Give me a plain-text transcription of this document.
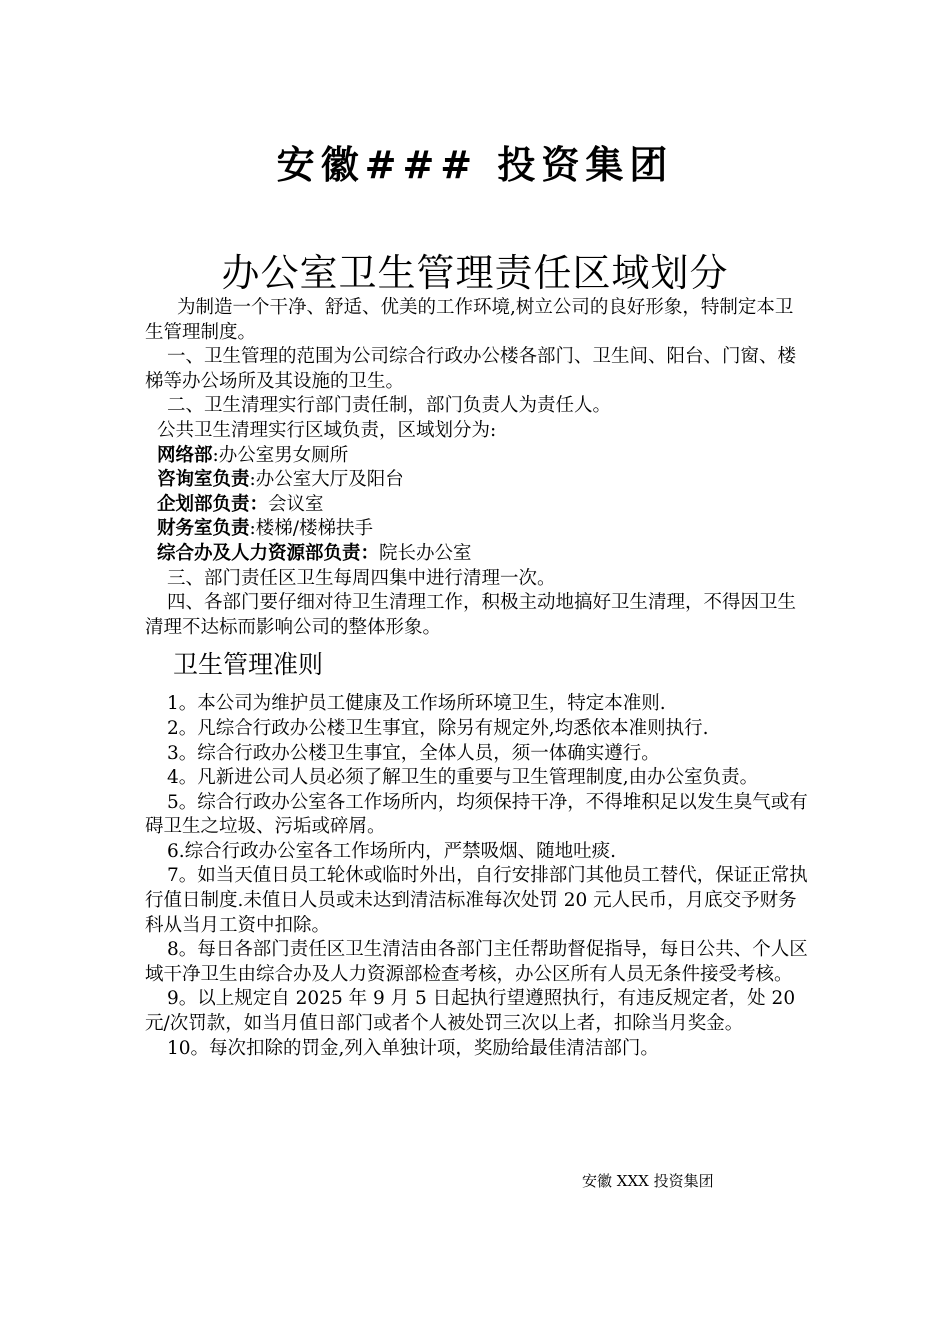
安徽### 投资集团
办公室卫生管理责任区域划分

为制造一个干净、舒适、优美的工作环境,树立公司的良好形象，特制定本卫生管理制度。

一、卫生管理的范围为公司综合行政办公楼各部门、卫生间、阳台、门窗、楼梯等办公场所及其设施的卫生。

二、卫生清理实行部门责任制，部门负责人为责任人。

公共卫生清理实行区域负责，区域划分为:

网络部:办公室男女厕所

咨询室负责:办公室大厅及阳台

企划部负责：会议室

财务室负责:楼梯/楼梯扶手

综合办及人力资源部负责：院长办公室

三、部门责任区卫生每周四集中进行清理一次。

四、各部门要仔细对待卫生清理工作，积极主动地搞好卫生清理，不得因卫生清理不达标而影响公司的整体形象。

卫生管理准则

1。本公司为维护员工健康及工作场所环境卫生，特定本准则.

2。凡综合行政办公楼卫生事宜，除另有规定外,均悉依本准则执行.

3。综合行政办公楼卫生事宜，全体人员，须一体确实遵行。

4。凡新进公司人员必须了解卫生的重要与卫生管理制度,由办公室负责。

5。综合行政办公室各工作场所内，均须保持干净，不得堆积足以发生臭气或有碍卫生之垃圾、污垢或碎屑。

6.综合行政办公室各工作场所内，严禁吸烟、随地吐痰.

7。如当天值日员工轮休或临时外出，自行安排部门其他员工替代，保证正常执行值日制度.未值日人员或未达到清洁标准每次处罚 20 元人民币，月底交予财务科从当月工资中扣除。

8。每日各部门责任区卫生清洁由各部门主任帮助督促指导，每日公共、个人区域干净卫生由综合办及人力资源部检查考核，办公区所有人员无条件接受考核。

9。以上规定自 2025 年 9 月 5 日起执行望遵照执行，有违反规定者，处 20 元/次罚款，如当月值日部门或者个人被处罚三次以上者，扣除当月奖金。

10。每次扣除的罚金,列入单独计项，奖励给最佳清洁部门。

安徽 XXX 投资集团
